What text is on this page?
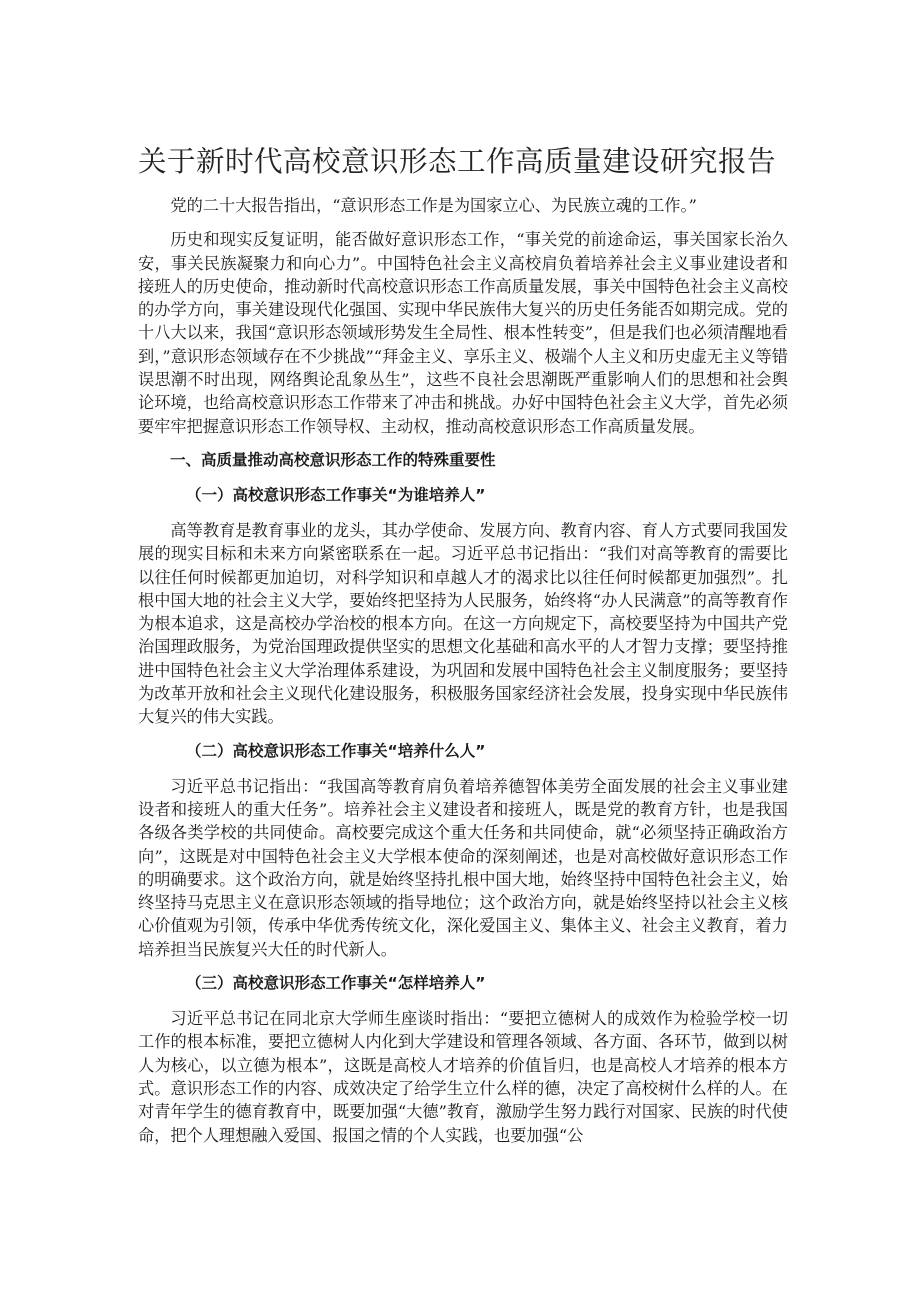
关于新时代高校意识形态工作高质量建设研究报告
党的二十大报告指出，“意识形态工作是为国家立心、为民族立魂的工作。”
历史和现实反复证明，能否做好意识形态工作，“事关党的前途命运，事关国家长治久安，事关民族凝聚力和向心力”。中国特色社会主义高校肩负着培养社会主义事业建设者和接班人的历史使命，推动新时代高校意识形态工作高质量发展，事关中国特色社会主义高校的办学方向，事关建设现代化强国、实现中华民族伟大复兴的历史任务能否如期完成。党的十八大以来，我国“意识形态领域形势发生全局性、根本性转变”，但是我们也必须清醒地看到，”意识形态领域存在不少挑战”“拜金主义、享乐主义、极端个人主义和历史虚无主义等错误思潮不时出现，网络舆论乱象丛生”，这些不良社会思潮既严重影响人们的思想和社会舆论环境，也给高校意识形态工作带来了冲击和挑战。办好中国特色社会主义大学，首先必须要牢牢把握意识形态工作领导权、主动权，推动高校意识形态工作高质量发展。
一、高质量推动高校意识形态工作的特殊重要性
（一）高校意识形态工作事关“为谁培养人”
高等教育是教育事业的龙头，其办学使命、发展方向、教育内容、育人方式要同我国发展的现实目标和未来方向紧密联系在一起。习近平总书记指出：“我们对高等教育的需要比以往任何时候都更加迫切，对科学知识和卓越人才的渴求比以往任何时候都更加强烈”。扎根中国大地的社会主义大学，要始终把坚持为人民服务，始终将“办人民满意”的高等教育作为根本追求，这是高校办学治校的根本方向。在这一方向规定下，高校要坚持为中国共产党治国理政服务，为党治国理政提供坚实的思想文化基础和高水平的人才智力支撑；要坚持推进中国特色社会主义大学治理体系建设，为巩固和发展中国特色社会主义制度服务；要坚持为改革开放和社会主义现代化建设服务，积极服务国家经济社会发展，投身实现中华民族伟大复兴的伟大实践。
（二）高校意识形态工作事关“培养什么人”
习近平总书记指出：“我国高等教育肩负着培养德智体美劳全面发展的社会主义事业建设者和接班人的重大任务”。培养社会主义建设者和接班人，既是党的教育方针，也是我国各级各类学校的共同使命。高校要完成这个重大任务和共同使命，就“必须坚持正确政治方向”，这既是对中国特色社会主义大学根本使命的深刻阐述，也是对高校做好意识形态工作的明确要求。这个政治方向，就是始终坚持扎根中国大地，始终坚持中国特色社会主义，始终坚持马克思主义在意识形态领域的指导地位；这个政治方向，就是始终坚持以社会主义核心价值观为引领，传承中华优秀传统文化，深化爱国主义、集体主义、社会主义教育，着力培养担当民族复兴大任的时代新人。
（三）高校意识形态工作事关“怎样培养人”
习近平总书记在同北京大学师生座谈时指出：“要把立德树人的成效作为检验学校一切工作的根本标准，要把立德树人内化到大学建设和管理各领域、各方面、各环节，做到以树人为核心，以立德为根本”，这既是高校人才培养的价值旨归，也是高校人才培养的根本方式。意识形态工作的内容、成效决定了给学生立什么样的德，决定了高校树什么样的人。在对青年学生的德育教育中，既要加强“大德”教育，激励学生努力践行对国家、民族的时代使命，把个人理想融入爱国、报国之情的个人实践，也要加强“公
